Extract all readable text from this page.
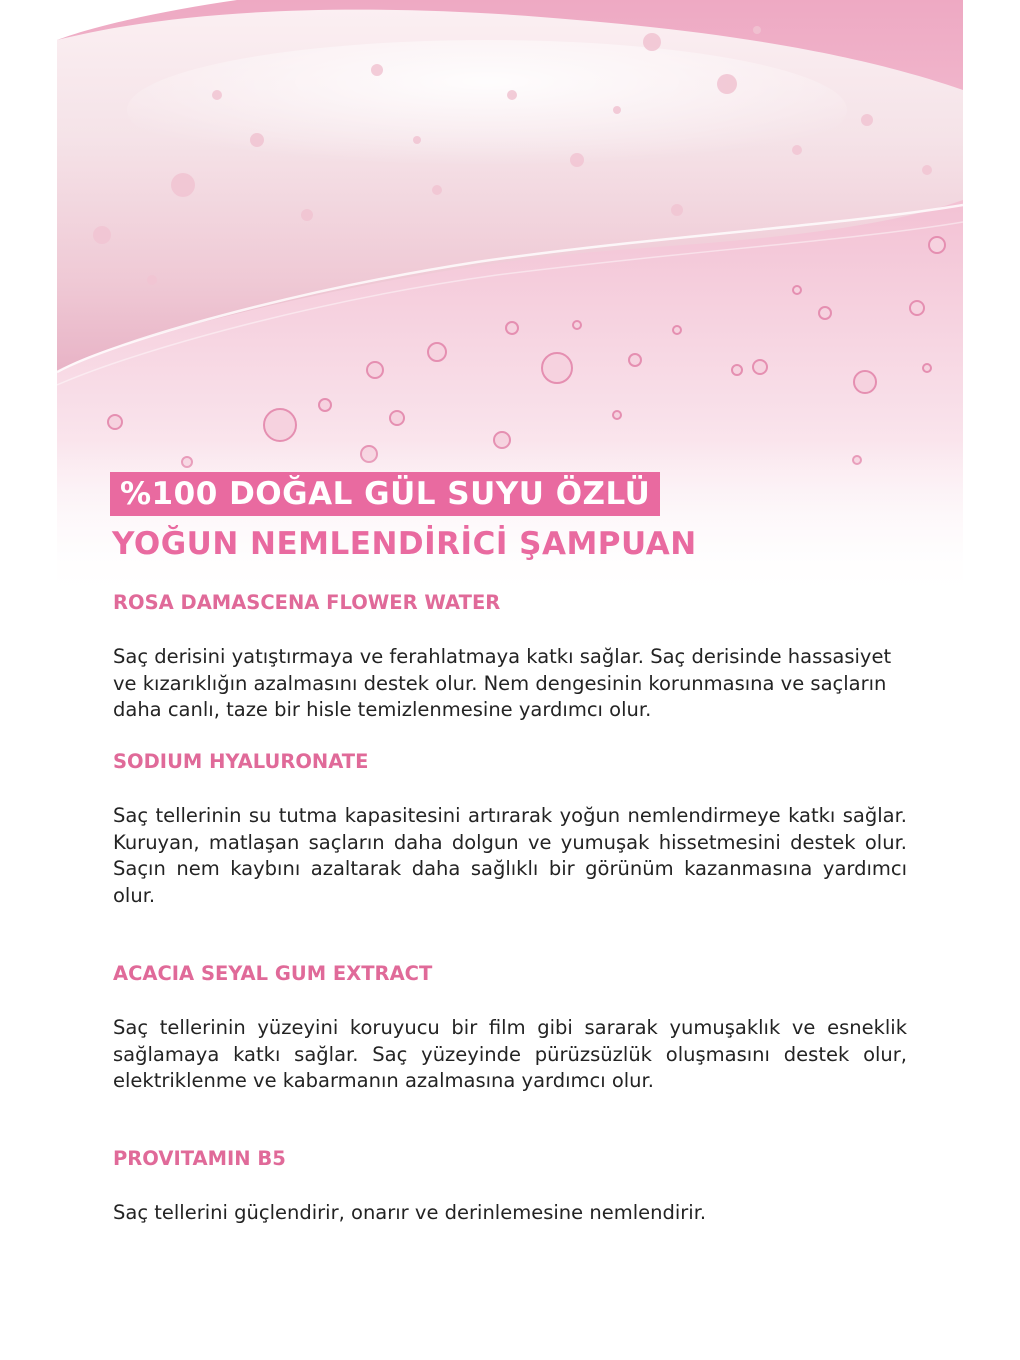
%100 DOĞAL GÜL SUYU ÖZLÜ
YOĞUN NEMLENDİRİCİ ŞAMPUAN
ROSA DAMASCENA FLOWER WATER

Saç derisini yatıştırmaya ve ferahlatmaya katkı sağlar. Saç derisinde hassasiyet ve kızarıklığın azalmasını destek olur. Nem dengesinin korunmasına ve saçların daha canlı, taze bir hisle temizlenmesine yardımcı olur.

SODIUM HYALURONATE

Saç tellerinin su tutma kapasitesini artırarak yoğun nemlendirmeye katkı sağlar. Kuruyan, matlaşan saçların daha dolgun ve yumuşak hissetmesini destek olur. Saçın nem kaybını azaltarak daha sağlıklı bir görünüm kazanmasına yardımcı olur.

ACACIA SEYAL GUM EXTRACT

Saç tellerinin yüzeyini koruyucu bir film gibi sararak yumuşaklık ve esneklik sağlamaya katkı sağlar. Saç yüzeyinde pürüzsüzlük oluşmasını destek olur, elektriklenme ve kabarmanın azalmasına yardımcı olur.

PROVITAMIN B5

Saç tellerini güçlendirir, onarır ve derinlemesine nemlendirir.
